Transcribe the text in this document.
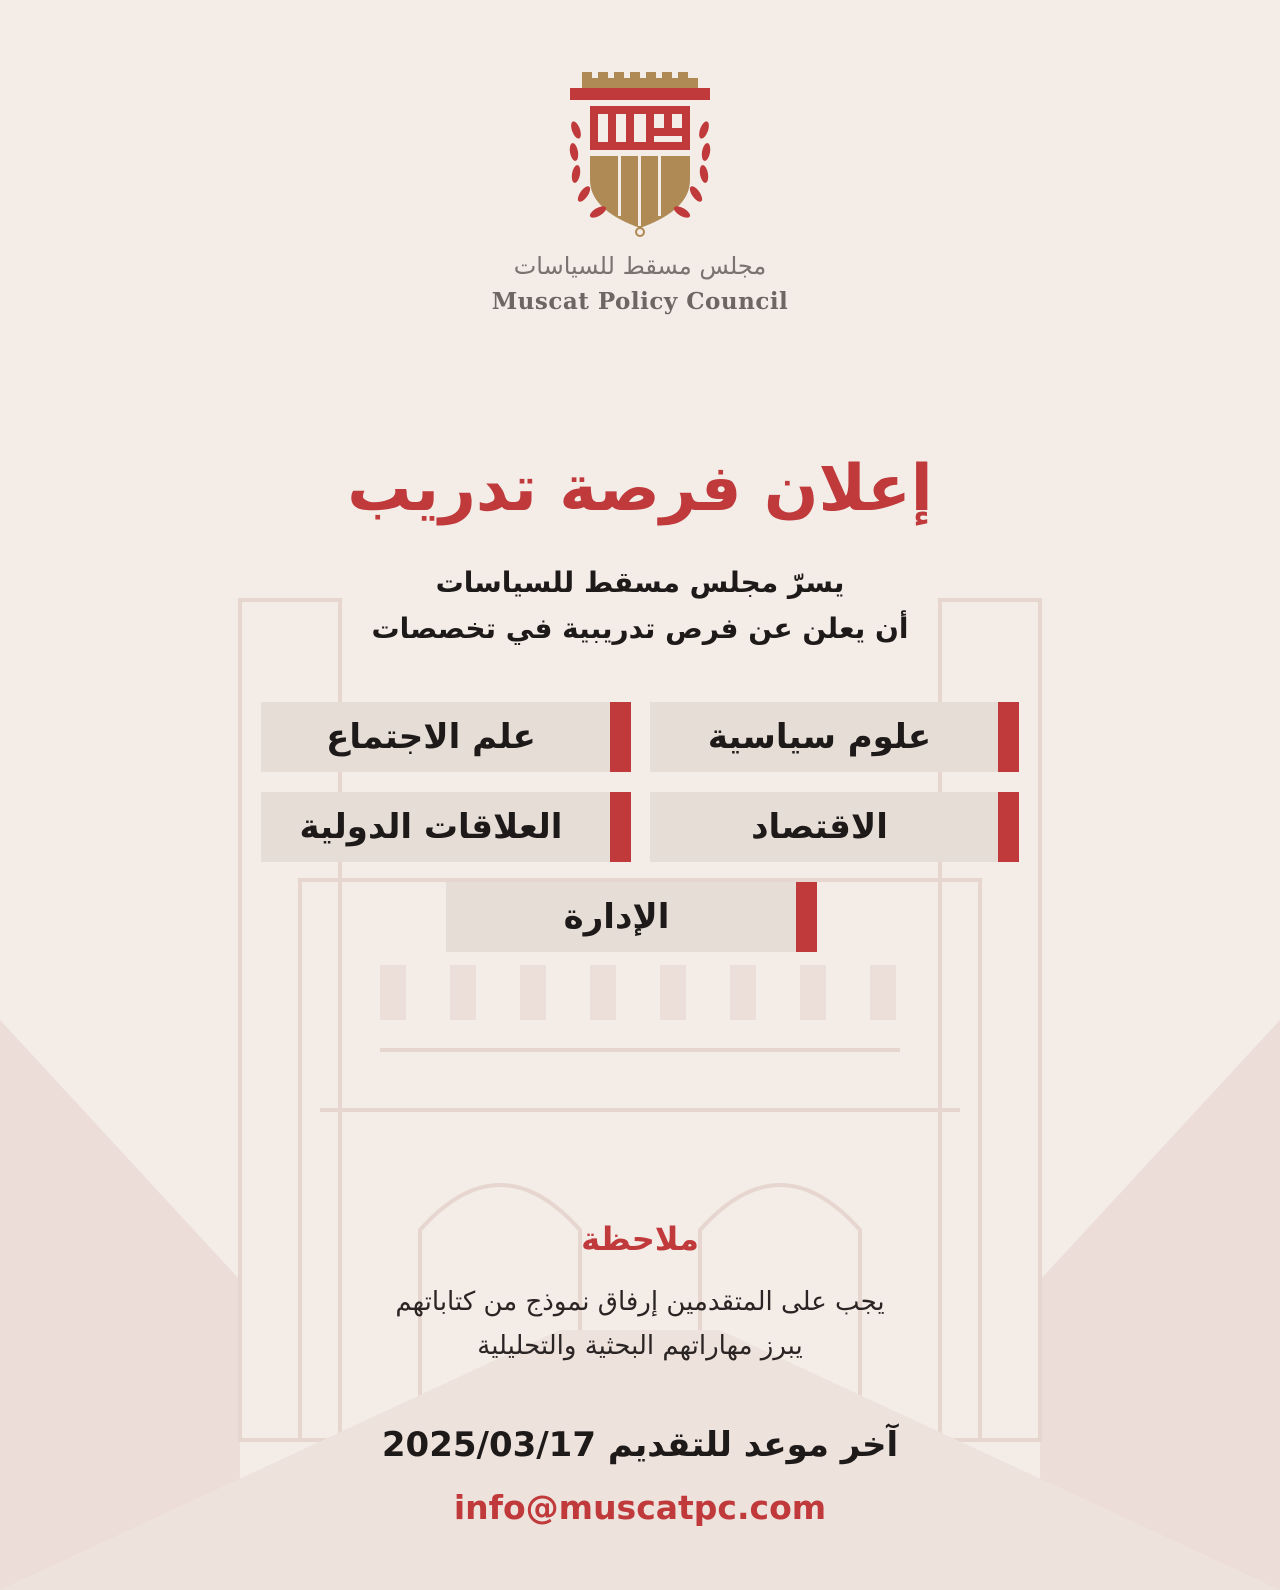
مجلس مسقط للسياسات
Muscat Policy Council
إعلان فرصة تدريب
يسرّ مجلس مسقط للسياسات
أن يعلن عن فرص تدريبية في تخصصات
علوم سياسية
علم الاجتماع
الاقتصاد
العلاقات الدولية
الإدارة
ملاحظة
يجب على المتقدمين إرفاق نموذج من كتاباتهم
يبرز مهاراتهم البحثية والتحليلية
آخر موعد للتقديم 2025/03/17
info@muscatpc.com
